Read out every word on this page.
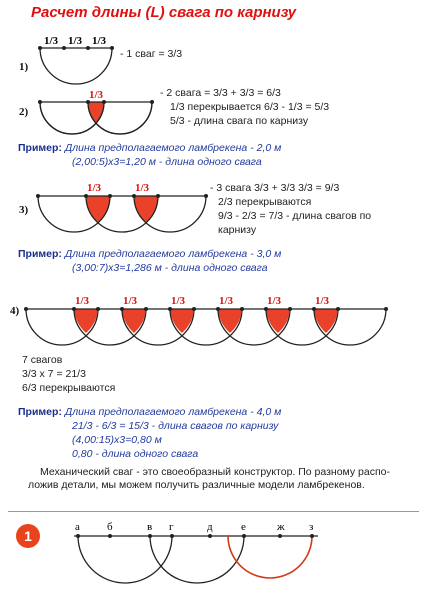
Расчет длины (L) свага по карнизу
1/3 1/3 1/3
1/3
1/3	1/3
1/3	1/3	1/3	1/3	1/3	1/3
а б	в г	д	е	ж з
1)
2)
3)
4)
- 1 сваг = 3/3
- 2 свага = 3/3 + 3/3 = 6/3
1/3 перекрывается 6/3 - 1/3 = 5/3
5/3 - длина свага по карнизу
Пример: Длина предполагаемого ламбрекена - 2,0 м
(2,00:5)х3=1,20 м - длина одного свага
- 3 свага 3/3 + 3/3 3/3 = 9/3
2/3 перекрываются
9/3 - 2/3 = 7/3 - длина свагов по
карнизу
Пример: Длина предполагаемого ламбрекена - 3,0 м
(3,00:7)х3=1,286 м - длина одного свага
7 свагов
3/3 х 7 = 21/3
6/3 перекрываются
Пример: Длина предполагаемого ламбрекена - 4,0 м
21/3 - 6/3 = 15/3 - длина свагов по карнизу
(4,00:15)х3=0,80 м
0,80 - длина одного свага
Механический сваг - это своеобразный конструктор. По разному распо-ложив детали, мы можем получить различные модели ламбрекенов.
1
